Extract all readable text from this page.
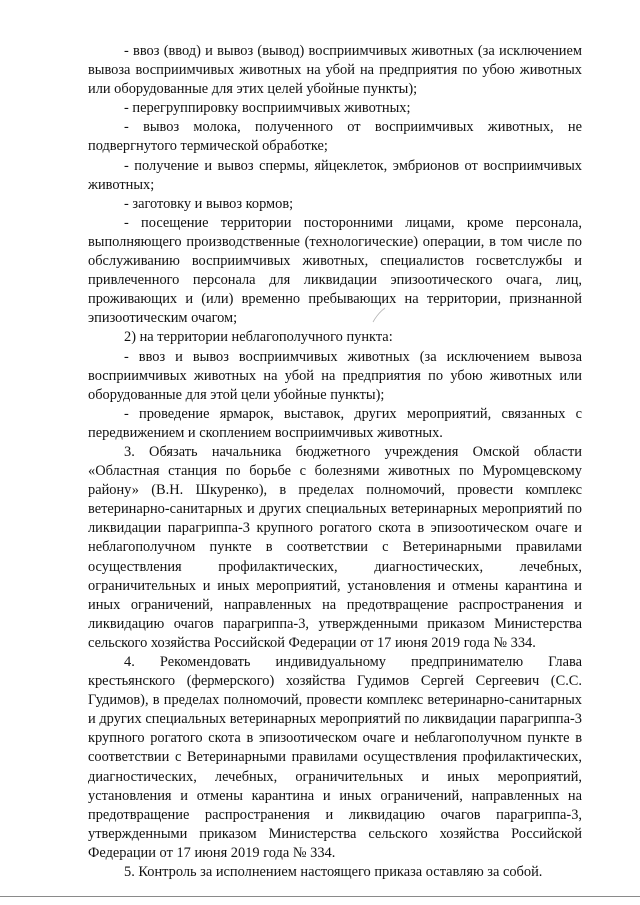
- ввоз (ввод) и вывоз (вывод) восприимчивых животных (за исключением вывоза восприимчивых животных на убой на предприятия по убою животных или оборудованные для этих целей убойные пункты);

- перегруппировку восприимчивых животных;

- вывоз молока, полученного от восприимчивых животных, не подвергнутого термической обработке;

- получение и вывоз спермы, яйцеклеток, эмбрионов от восприимчивых животных;

- заготовку и вывоз кормов;

- посещение территории посторонними лицами, кроме персонала, выполняющего производственные (технологические) операции, в том числе по обслуживанию восприимчивых животных, специалистов госветслужбы и привлеченного персонала для ликвидации эпизоотического очага, лиц, проживающих и (или) временно пребывающих на территории, признанной эпизоотическим очагом;

2) на территории неблагополучного пункта:

- ввоз и вывоз восприимчивых животных (за исключением вывоза восприимчивых животных на убой на предприятия по убою животных или оборудованные для этой цели убойные пункты);

- проведение ярмарок, выставок, других мероприятий, связанных с передвижением и скоплением восприимчивых животных.

3. Обязать начальника бюджетного учреждения Омской области «Областная станция по борьбе с болезнями животных по Муромцевскому району» (В.Н. Шкуренко), в пределах полномочий, провести комплекс ветеринарно-санитарных и других специальных ветеринарных мероприятий по ликвидации парагриппа-3 крупного рогатого скота в эпизоотическом очаге и неблагополучном пункте в соответствии с Ветеринарными правилами осуществления профилактических, диагностических, лечебных, ограничительных и иных мероприятий, установления и отмены карантина и иных ограничений, направленных на предотвращение распространения и ликвидацию очагов парагриппа-3, утвержденными приказом Министерства сельского хозяйства Российской Федерации от 17 июня 2019 года № 334.

4. Рекомендовать индивидуальному предпринимателю Глава крестьянского (фермерского) хозяйства Гудимов Сергей Сергеевич (С.С. Гудимов), в пределах полномочий, провести комплекс ветеринарно-санитарных и других специальных ветеринарных мероприятий по ликвидации парагриппа-3 крупного рогатого скота в эпизоотическом очаге и неблагополучном пункте в соответствии с Ветеринарными правилами осуществления профилактических, диагностических, лечебных, ограничительных и иных мероприятий, установления и отмены карантина и иных ограничений, направленных на предотвращение распространения и ликвидацию очагов парагриппа-3, утвержденными приказом Министерства сельского хозяйства Российской Федерации от 17 июня 2019 года № 334.

5. Контроль за исполнением настоящего приказа оставляю за собой.
